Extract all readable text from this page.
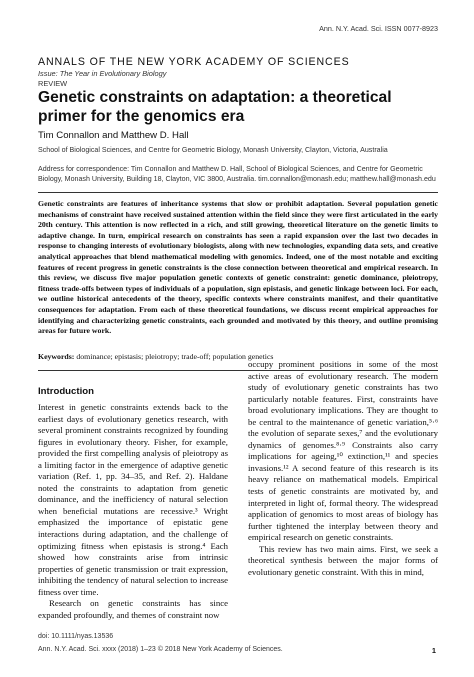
Ann. N.Y. Acad. Sci. ISSN 0077-8923
ANNALS OF THE NEW YORK ACADEMY OF SCIENCES
Issue: The Year in Evolutionary Biology
REVIEW
Genetic constraints on adaptation: a theoretical primer for the genomics era
Tim Connallon and Matthew D. Hall
School of Biological Sciences, and Centre for Geometric Biology, Monash University, Clayton, Victoria, Australia
Address for correspondence: Tim Connallon and Matthew D. Hall, School of Biological Sciences, and Centre for Geometric Biology, Monash University, Building 18, Clayton, VIC 3800, Australia. tim.connallon@monash.edu; matthew.hall@monash.edu

Genetic constraints are features of inheritance systems that slow or prohibit adaptation. Several population genetic mechanisms of constraint have received sustained attention within the field since they were first articulated in the early 20th century. This attention is now reflected in a rich, and still growing, theoretical literature on the genetic limits to adaptive change. In turn, empirical research on constraints has seen a rapid expansion over the last two decades in response to changing interests of evolutionary biologists, along with new technologies, expanding data sets, and creative analytical approaches that blend mathematical modeling with genomics. Indeed, one of the most notable and exciting features of recent progress in genetic constraints is the close connection between theoretical and empirical research. In this review, we discuss five major population genetic contexts of genetic constraint: genetic dominance, pleiotropy, fitness trade-offs between types of individuals of a population, sign epistasis, and genetic linkage between loci. For each, we outline historical antecedents of the theory, specific contexts where constraints manifest, and their quantitative consequences for adaptation. From each of these theoretical foundations, we discuss recent empirical approaches for identifying and characterizing genetic constraints, each grounded and motivated by this theory, and outline promising areas for future work.

Keywords: dominance; epistasis; pleiotropy; trade-off; population genetics
Introduction

Interest in genetic constraints extends back to the earliest days of evolutionary genetics research, with several prominent constraints recognized by founding figures in evolutionary theory. Fisher, for example, provided the first compelling analysis of pleiotropy as a limiting factor in the emergence of adaptive genetic variation (Ref. 1, pp. 34–35, and Ref. 2). Haldane noted the constraints to adaptation from genetic dominance, and the inefficiency of natural selection when beneficial mutations are recessive.³ Wright emphasized the importance of epistatic gene interactions during adaptation, and the challenge of optimizing fitness when epistasis is strong.⁴ Each showed how constraints arise from intrinsic properties of genetic transmission or trait expression, inhibiting the tendency of natural selection to increase fitness over time.

Research on genetic constraints has since expanded profoundly, and themes of constraint now

occupy prominent positions in some of the most active areas of evolutionary research. The modern study of evolutionary genetic constraints has two particularly notable features. First, constraints have broad evolutionary implications. They are thought to be central to the maintenance of genetic variation,⁵·⁶ the evolution of separate sexes,⁷ and the evolutionary dynamics of genomes.⁸·⁹ Constraints also carry implications for ageing,¹⁰ extinction,¹¹ and species invasions.¹² A second feature of this research is its heavy reliance on mathematical models. Empirical tests of genetic constraints are motivated by, and interpreted in light of, formal theory. The widespread application of genomics to most areas of biology has further tightened the interplay between theory and empirical research on genetic constraints.

This review has two main aims. First, we seek a theoretical synthesis between the major forms of evolutionary genetic constraint. With this in mind,

doi: 10.1111/nyas.13536
Ann. N.Y. Acad. Sci. xxxx (2018) 1–23 © 2018 New York Academy of Sciences.	1
